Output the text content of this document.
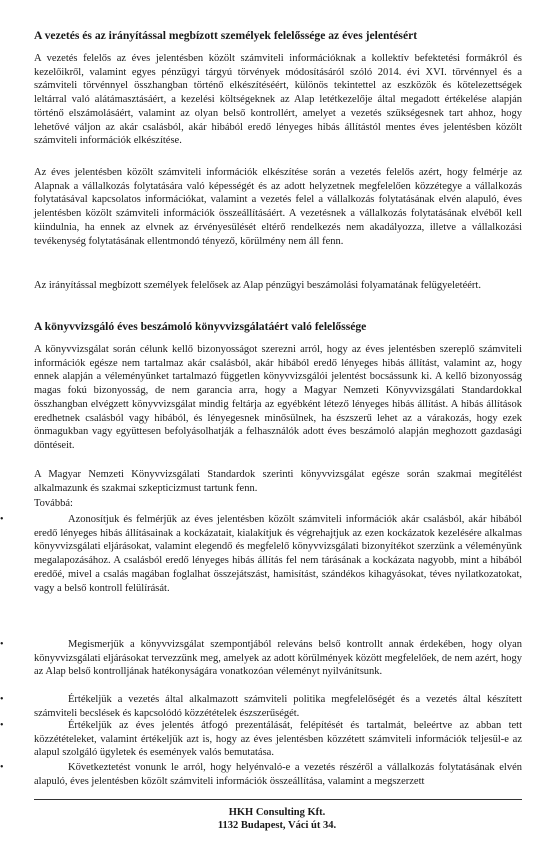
A vezetés és az irányítással megbízott személyek felelőssége az éves jelentésért

A vezetés felelős az éves jelentésben közölt számviteli információknak a kollektív befektetési formákról és kezelőikről, valamint egyes pénzügyi tárgyú törvények módosításáról szóló 2014. évi XVI. törvénnyel és a számviteli törvénnyel összhangban történő elkészítéséért, különös tekintettel az eszközök és kötelezettségek leltárral való alátámasztásáért, a kezelési költségeknek az Alap letétkezelője által megadott értékelése alapján történő elszámolásáért, valamint az olyan belső kontrollért, amelyet a vezetés szükségesnek tart ahhoz, hogy lehetővé váljon az akár csalásból, akár hibából eredő lényeges hibás állítástól mentes éves jelentésben közölt számviteli információk elkészítése.

Az éves jelentésben közölt számviteli információk elkészítése során a vezetés felelős azért, hogy felmérje az Alapnak a vállalkozás folytatására való képességét és az adott helyzetnek megfelelően közzétegye a vállalkozás folytatásával kapcsolatos információkat, valamint a vezetés felel a vállalkozás folytatásának elvén alapuló, éves jelentésben közölt számviteli információk összeállításáért. A vezetésnek a vállalkozás folytatásának elvéből kell kiindulnia, ha ennek az elvnek az érvényesülését eltérő rendelkezés nem akadályozza, illetve a vállalkozási tevékenység folytatásának ellentmondó tényező, körülmény nem áll fenn.

Az irányítással megbízott személyek felelősek az Alap pénzügyi beszámolási folyamatának felügyeletéért.

A könyvvizsgáló éves beszámoló könyvvizsgálatáért való felelőssége

A könyvvizsgálat során célunk kellő bizonyosságot szerezni arról, hogy az éves jelentésben szereplő számviteli információk egésze nem tartalmaz akár csalásból, akár hibából eredő lényeges hibás állítást, valamint az, hogy ennek alapján a véleményünket tartalmazó független könyvvizsgálói jelentést bocsássunk ki. A kellő bizonyosság magas fokú bizonyosság, de nem garancia arra, hogy a Magyar Nemzeti Könyvvizsgálati Standardokkal összhangban elvégzett könyvvizsgálat mindig feltárja az egyébként létező lényeges hibás állítást. A hibás állítások eredhetnek csalásból vagy hibából, és lényegesnek minősülnek, ha észszerű lehet az a várakozás, hogy ezek önmagukban vagy együttesen befolyásolhatják a felhasználók adott éves beszámoló alapján meghozott gazdasági döntéseit.

A Magyar Nemzeti Könyvvizsgálati Standardok szerinti könyvvizsgálat egésze során szakmai megítélést alkalmazunk és szakmai szkepticizmust tartunk fenn.

Továbbá:

•	Azonosítjuk és felmérjük az éves jelentésben közölt számviteli információk akár csalásból, akár hibából eredő lényeges hibás állításainak a kockázatait, kialakítjuk és végrehajtjuk az ezen kockázatok kezelésére alkalmas könyvvizsgálati eljárásokat, valamint elegendő és megfelelő könyvvizsgálati bizonyítékot szerzünk a véleményünk megalapozásához. A csalásból eredő lényeges hibás állítás fel nem tárásának a kockázata nagyobb, mint a hibából eredőé, mivel a csalás magában foglalhat összejátszást, hamisítást, szándékos kihagyásokat, téves nyilatkozatokat, vagy a belső kontroll felülírását.
•	Megismerjük a könyvvizsgálat szempontjából releváns belső kontrollt annak érdekében, hogy olyan könyvvizsgálati eljárásokat tervezzünk meg, amelyek az adott körülmények között megfelelőek, de nem azért, hogy az Alap belső kontrolljának hatékonyságára vonatkozóan véleményt nyilvánítsunk.
•	Értékeljük a vezetés által alkalmazott számviteli politika megfelelőségét és a vezetés által készített számviteli becslések és kapcsolódó közzétételek észszerűségét.
•	Értékeljük az éves jelentés átfogó prezentálását, felépítését és tartalmát, beleértve az abban tett közzétételeket, valamint értékeljük azt is, hogy az éves jelentésben közzétett számviteli információk teljesül-e az alapul szolgáló ügyletek és események valós bemutatása.
•	Következtetést vonunk le arról, hogy helyénvaló-e a vezetés részéről a vállalkozás folytatásának elvén alapuló, éves jelentésben közölt számviteli információk összeállítása, valamint a megszerzett
HKH Consulting Kft.
1132 Budapest, Váci út 34.
